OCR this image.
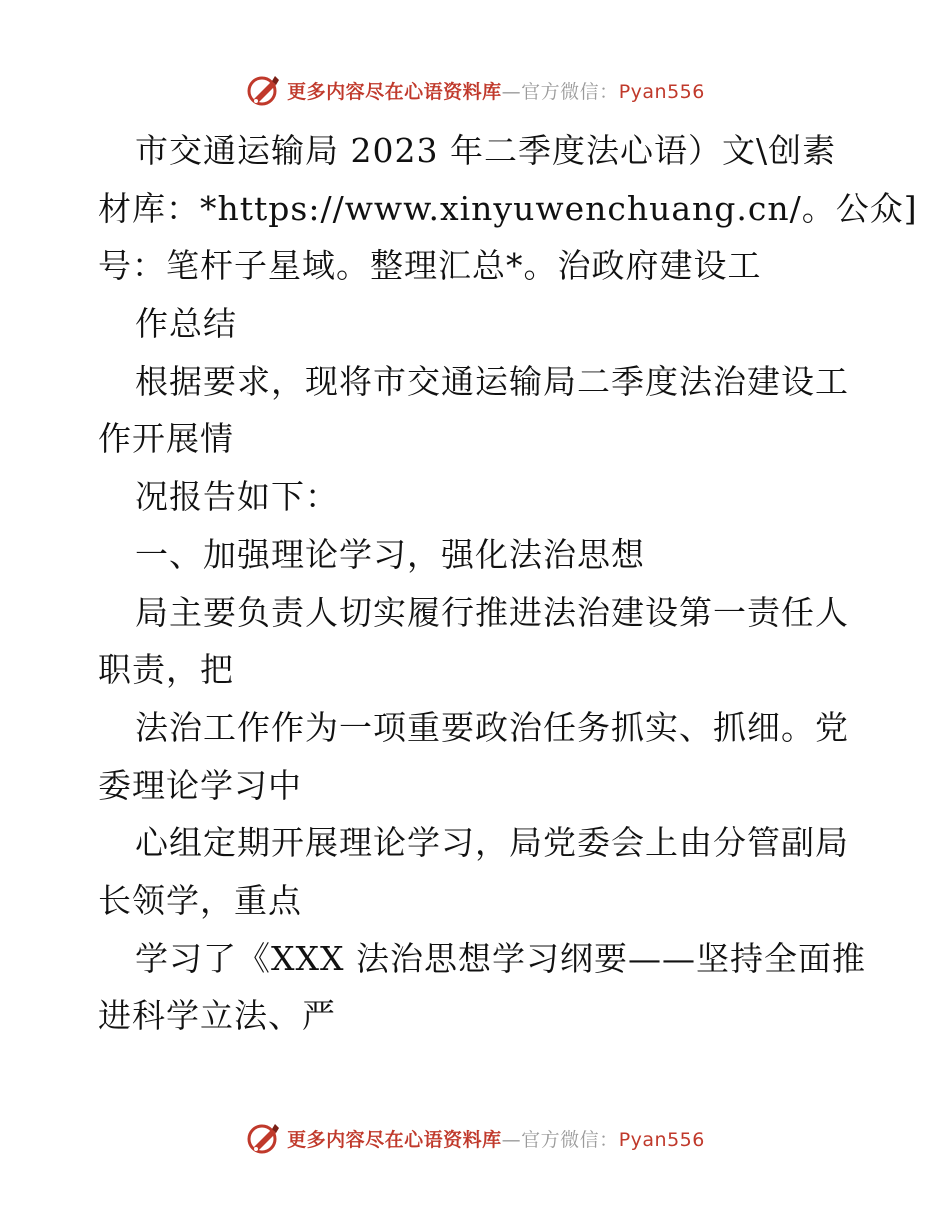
更多内容尽在心语资料库—官方微信：Pyan556
市交通运输局 2023 年二季度法心语）文\创素
材库：*https://www.xinyuwenchuang.cn/。公众]
号：笔杆子星域。整理汇总*。治政府建设工
作总结
根据要求，现将市交通运输局二季度法治建设工
作开展情
况报告如下：
一、加强理论学习，强化法治思想
局主要负责人切实履行推进法治建设第一责任人
职责，把
法治工作作为一项重要政治任务抓实、抓细。党
委理论学习中
心组定期开展理论学习，局党委会上由分管副局
长领学，重点
学习了《XXX 法治思想学习纲要——坚持全面推
进科学立法、严
更多内容尽在心语资料库—官方微信：Pyan556
